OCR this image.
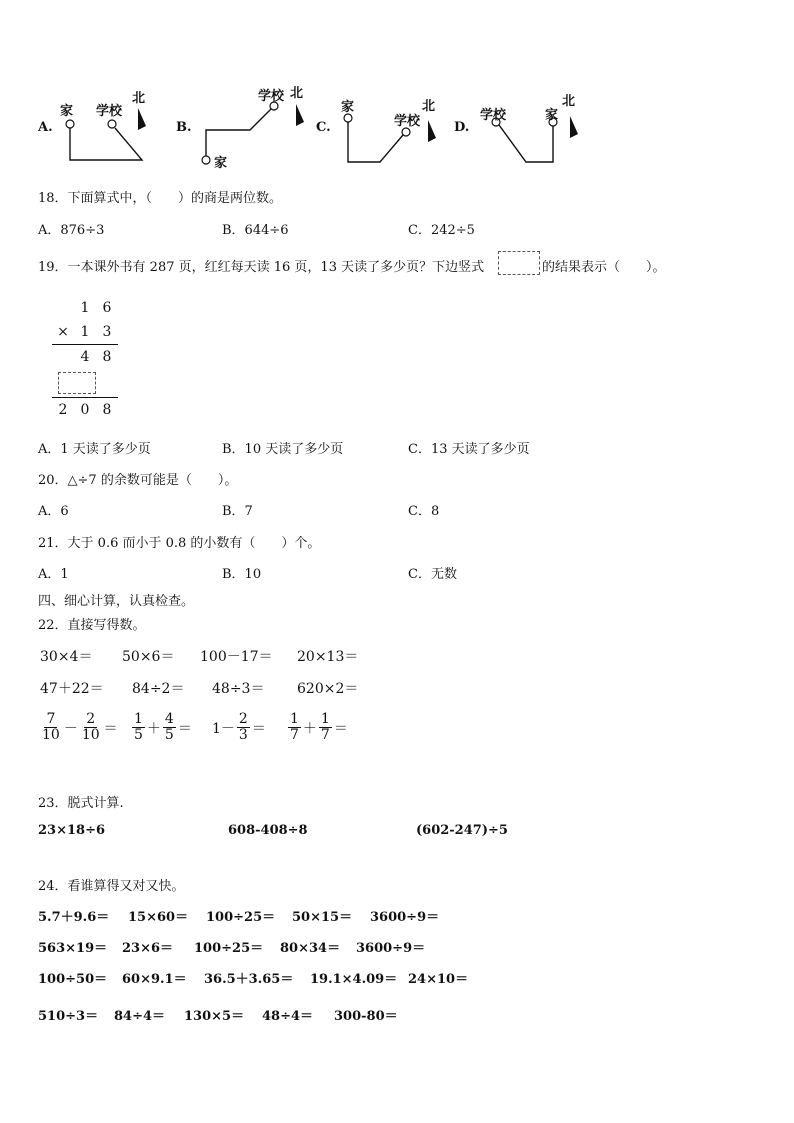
A.
家 学校
北
B.
家
学校 北
C.
家
学校
北
D.
学校	家
北
18．下面算式中，（　　）的商是两位数。
A．876÷3	B．644÷6	C．242÷5
19．一本课外书有 287 页，红红每天读 16 页，13 天读了多少页？下边竖式	的结果表示（　　）。
	1	6
×	1	3
	4	8

2	0	8
A．1 天读了多少页	B．10 天读了多少页	C．13 天读了多少页
20．△÷7 的余数可能是（　　）。
A．6	B．7	C．8
21．大于 0.6 而小于 0.8 的小数有（　　）个。
A．1	B．10	C．无数
四、细心计算，认真检查。
22．直接写得数。
30×4＝ 50×6＝ 100－17＝ 20×13＝
47＋22＝ 84÷2＝ 48÷3＝ 620×2＝
$\frac{7}{10} - \frac{2}{10} = \frac{1}{5} + \frac{4}{5} = 1- \frac{2}{3} = \frac{1}{7} + \frac{1}{7}$ ＝
23．脱式计算.
23×18÷6	608-408÷8	(602-247)÷5
24．看谁算得又对又快。
5.7＋9.6＝ 15×60＝ 100÷25＝ 50×15＝ 3600÷9＝
563×19＝ 23×6＝ 100÷25＝ 80×34＝ 3600÷9＝
100÷50＝ 60×9.1＝ 36.5＋3.65＝ 19.1×4.09＝ 24×10＝
510÷3＝ 84÷4＝ 130×5＝ 48÷4＝ 300-80＝
